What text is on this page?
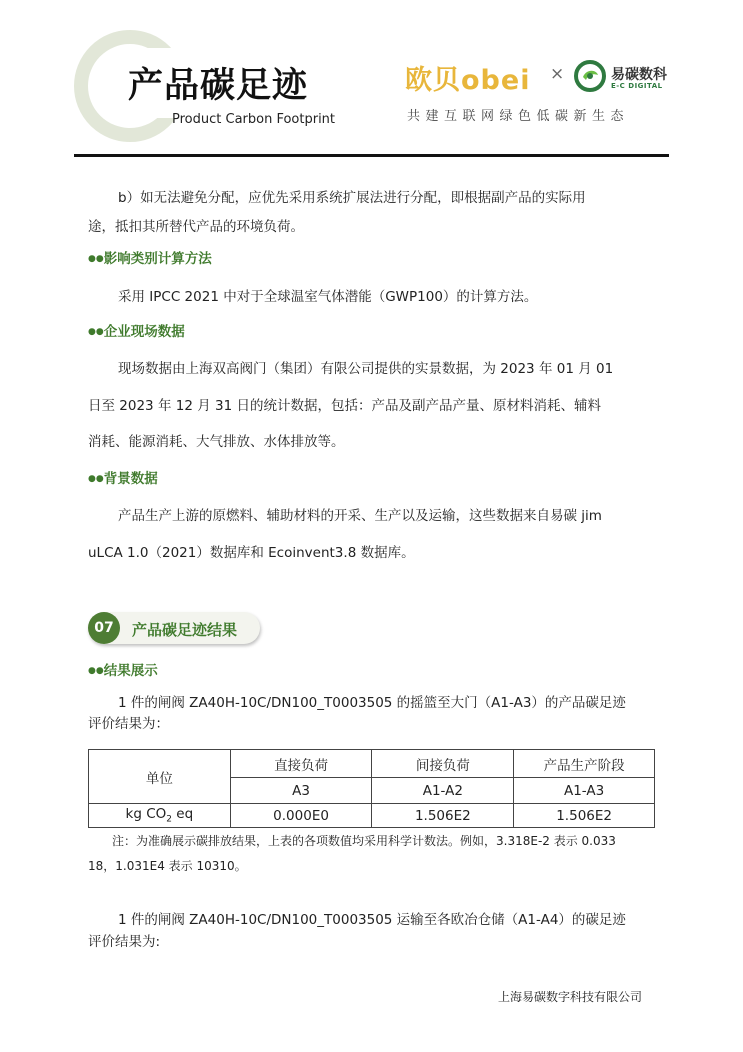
产品碳足迹
Product Carbon Footprint
欧贝obei ×	易碳数科
E-C DIGITAL
共建互联网绿色低碳新生态
b）如无法避免分配，应优先采用系统扩展法进行分配，即根据副产品的实际用
途，抵扣其所替代产品的环境负荷。
●●影响类别计算方法
采用 IPCC 2021 中对于全球温室气体潜能（GWP100）的计算方法。
●●企业现场数据
现场数据由上海双高阀门（集团）有限公司提供的实景数据，为 2023 年 01 月 01
日至 2023 年 12 月 31 日的统计数据，包括：产品及副产品产量、原材料消耗、辅料
消耗、能源消耗、大气排放、水体排放等。
●●背景数据
产品生产上游的原燃料、辅助材料的开采、生产以及运输，这些数据来自易碳 jim
uLCA 1.0（2021）数据库和 Ecoinvent3.8 数据库。
07	产品碳足迹结果
●●结果展示
1 件的闸阀 ZA40H-10C/DN100_T0003505 的摇篮至大门（A1-A3）的产品碳足迹
评价结果为：
单位	直接负荷	间接负荷	产品生产阶段
	A3	A1-A2	A1-A3
kg $CO_2$ eq	0.000E0	1.506E2	1.506E2
注：为准确展示碳排放结果，上表的各项数值均采用科学计数法。例如，3.318E-2 表示 0.033
18，1.031E4 表示 10310。
1 件的闸阀 ZA40H-10C/DN100_T0003505 运输至各欧冶仓储（A1-A4）的碳足迹
评价结果为:
上海易碳数字科技有限公司
